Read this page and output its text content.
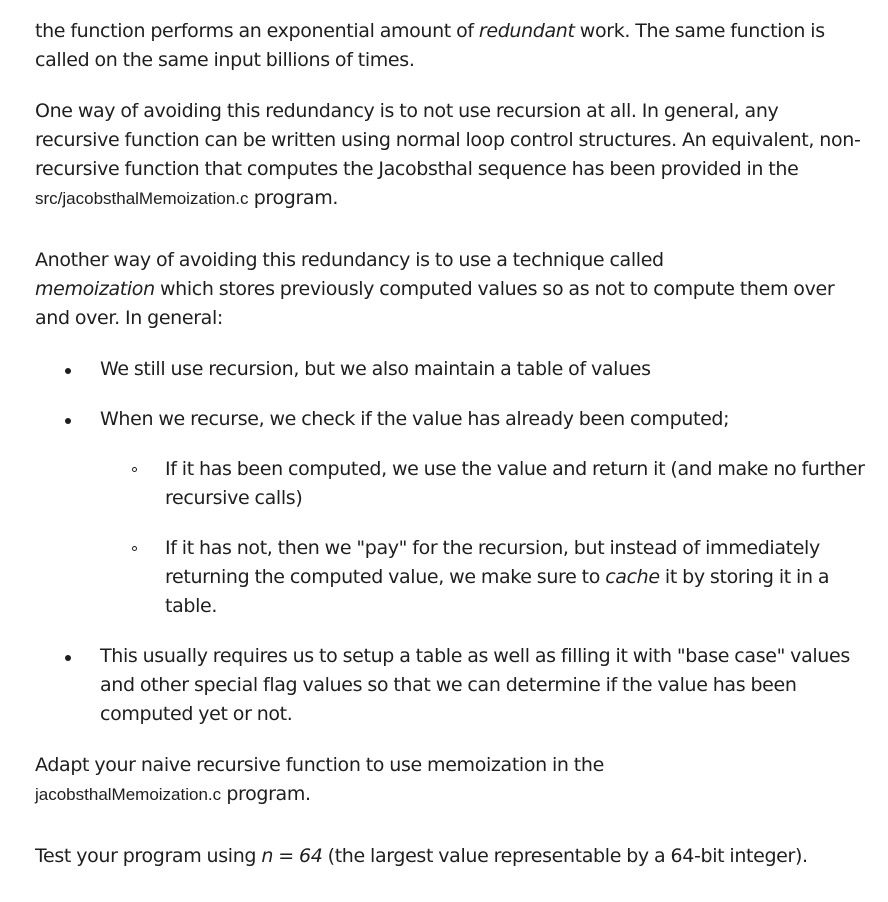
the function performs an exponential amount of redundant work. The same function is called on the same input billions of times.

One way of avoiding this redundancy is to not use recursion at all. In general, any recursive function can be written using normal loop control structures. An equivalent, non-recursive function that computes the Jacobsthal sequence has been provided in the src/jacobsthalMemoization.c program.

Another way of avoiding this redundancy is to use a technique called
memoization which stores previously computed values so as not to compute them over and over. In general:

We still use recursion, but we also maintain a table of values
When we recurse, we check if the value has already been computed;
If it has been computed, we use the value and return it (and make no further recursive calls)
If it has not, then we "pay" for the recursion, but instead of immediately returning the computed value, we make sure to cache it by storing it in a table.
This usually requires us to setup a table as well as filling it with "base case" values and other special flag values so that we can determine if the value has been computed yet or not.

Adapt your naive recursive function to use memoization in the
jacobsthalMemoization.c program.

Test your program using n = 64 (the largest value representable by a 64-bit integer).
